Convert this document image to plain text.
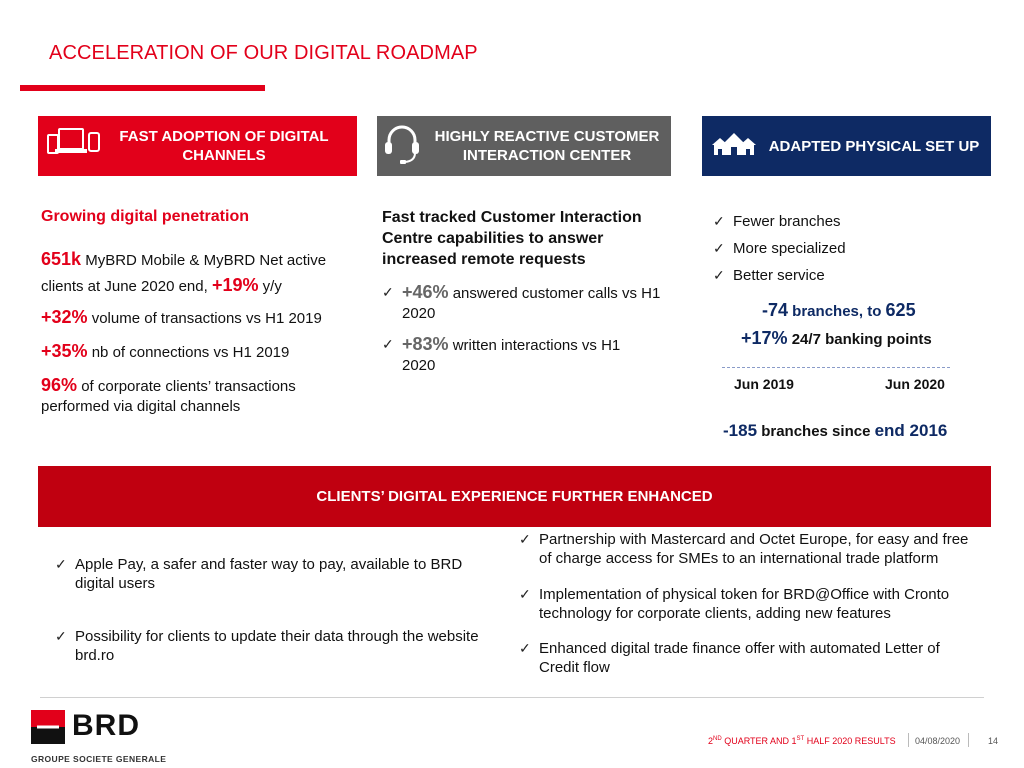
ACCELERATION OF OUR DIGITAL ROADMAP
FAST ADOPTION OF DIGITAL
CHANNELS
HIGHLY REACTIVE CUSTOMER
INTERACTION CENTER
ADAPTED PHYSICAL SET UP
Growing digital penetration

651k MyBRD Mobile & MyBRD Net active clients at June 2020 end, +19% y/y

+32% volume of transactions vs H1 2019

+35% nb of connections vs H1 2019

96% of corporate clients’ transactions performed via digital channels

Fast tracked Customer Interaction Centre capabilities to answer increased remote requests
✓ +46% answered customer calls vs H1 2020
✓ +83% written interactions vs H1 2020
✓ Fewer branches
✓ More specialized
✓ Better service
-74 branches, to 625
+17% 24/7 banking points
Jun 2019	Jun 2020
-185 branches since end 2016
CLIENTS’ DIGITAL EXPERIENCE FURTHER ENHANCED
✓ Apple Pay, a safer and faster way to pay, available to BRD digital users
✓ Possibility for clients to update their data through the website brd.ro
✓ Partnership with Mastercard and Octet Europe, for easy and free of charge access for SMEs to an international trade platform
✓ Implementation of physical token for BRD@Office with Cronto technology for corporate clients, adding new features
✓ Enhanced digital trade finance offer with automated Letter of Credit flow
BRD
GROUPE SOCIETE GENERALE
2ND QUARTER AND 1ST HALF 2020 RESULTS 04/08/2020	14
